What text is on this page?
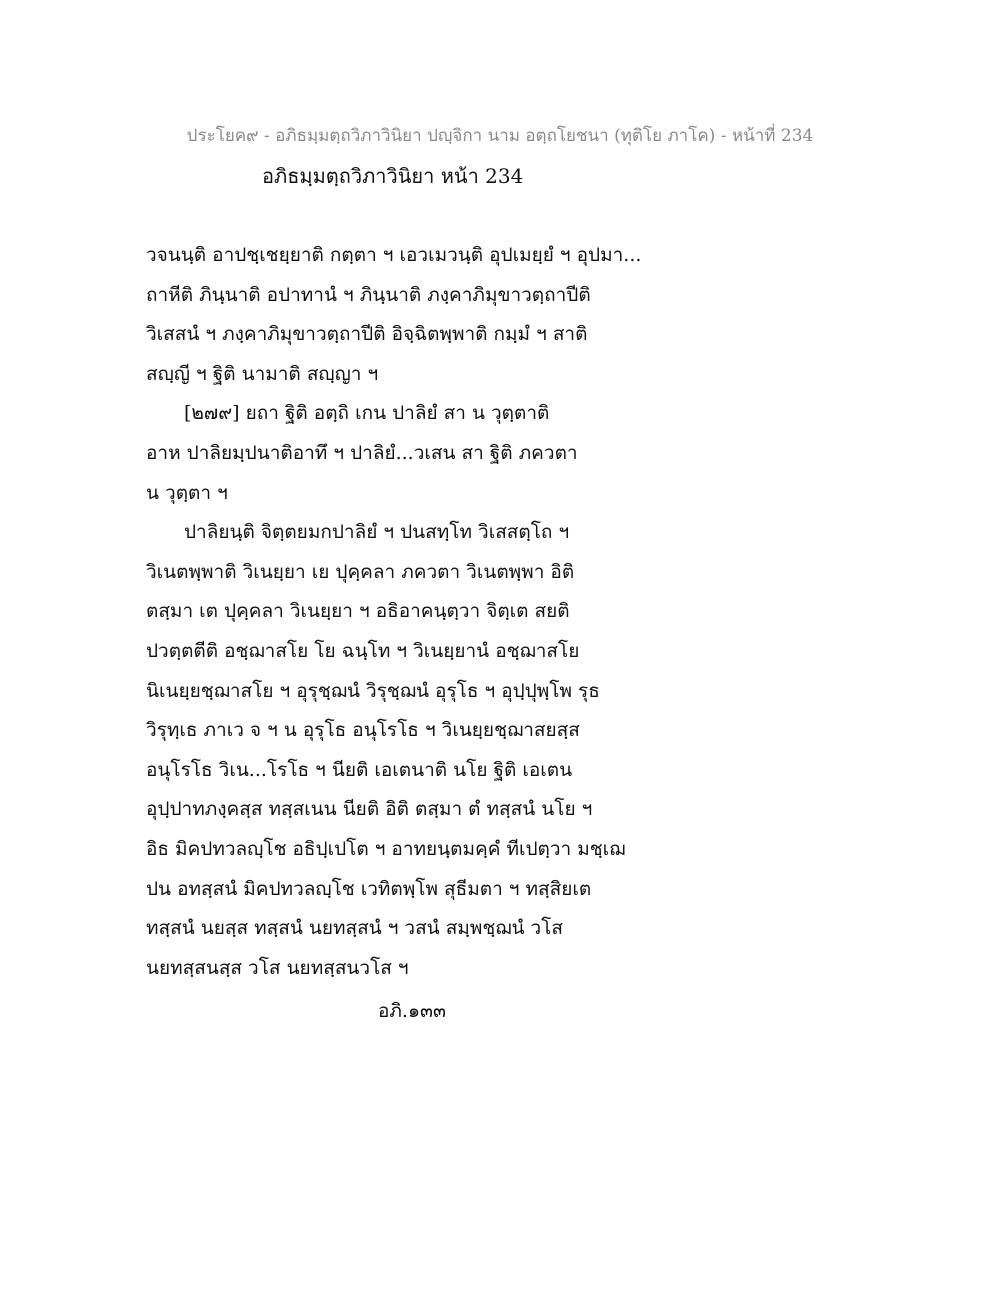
ประโยค๙ - อภิธมฺมตฺถวิภาวินิยา ปญฺจิกา นาม อตฺถโยชนา (ทุติโย ภาโค) - หน้าที่ 234
อภิธมฺมตฺถวิภาวินิยา หน้า 234
วจนนฺติ อาปชฺเชยฺยาติ กตฺตา ฯ เอวเมวนฺติ อุปเมยฺยํ ฯ อุปมา...
ถาหีติ ภินฺนาติ อปาทานํ ฯ ภินฺนาติ ภงฺคาภิมุขาวตฺถาปีติ
วิเสสนํ ฯ ภงฺคาภิมุขาวตฺถาปีติ อิจฺฉิตพฺพาติ กมฺมํ ฯ สาติ
สญฺญี ฯ ฐิติ นามาติ สญฺญา ฯ
[๒๗๙] ยถา ฐิติ อตฺถิ เกน ปาลิยํ สา น วุตฺตาติ
อาห ปาลิยมฺปนาติอาทึ ฯ ปาลิยํ...วเสน สา ฐิติ ภควตา
น วุตฺตา ฯ
ปาลิยนฺติ จิตฺตยมกปาลิยํ ฯ ปนสทฺโท วิเสสตฺโถ ฯ
วิเนตพฺพาติ วิเนยฺยา เย ปุคฺคลา ภควตา วิเนตพฺพา อิติ
ตสฺมา เต ปุคฺคลา วิเนยฺยา ฯ อธิอาคนฺตฺวา จิตฺเต สยติ
ปวตฺตตีติ อชฺฌาสโย โย ฉนฺโท ฯ วิเนยฺยานํ อชฺฌาสโย
นิเนยฺยชฺฌาสโย ฯ อุรุชฺฌนํ วิรุชฺฌนํ อุรุโธ ฯ อุปฺปุพฺโพ รุธ
วิรุทฺเธ ภาเว จ ฯ น อุรุโธ อนุโรโธ ฯ วิเนยฺยชฺฌาสยสฺส
อนุโรโธ วิเน...โรโธ ฯ นียติ เอเตนาติ นโย ฐิติ เอเตน
อุปฺปาทภงฺคสฺส ทสฺสเนน นียติ อิติ ตสฺมา ตํ ทสฺสนํ นโย ฯ
อิธ มิคปทวลญฺโช อธิปฺเปโต ฯ อาทยนฺตมคฺคํ ทีเปตฺวา มชฺเฌ
ปน อทสฺสนํ มิคปทวลญฺโช เวทิตพฺโพ สุธีมตา ฯ ทสฺสิยเต
ทสฺสนํ นยสฺส ทสฺสนํ นยทสฺสนํ ฯ วสนํ สมฺพชฺฌนํ วโส
นยทสฺสนสฺส วโส นยทสฺสนวโส ฯ
อภิ.๑๓๓
